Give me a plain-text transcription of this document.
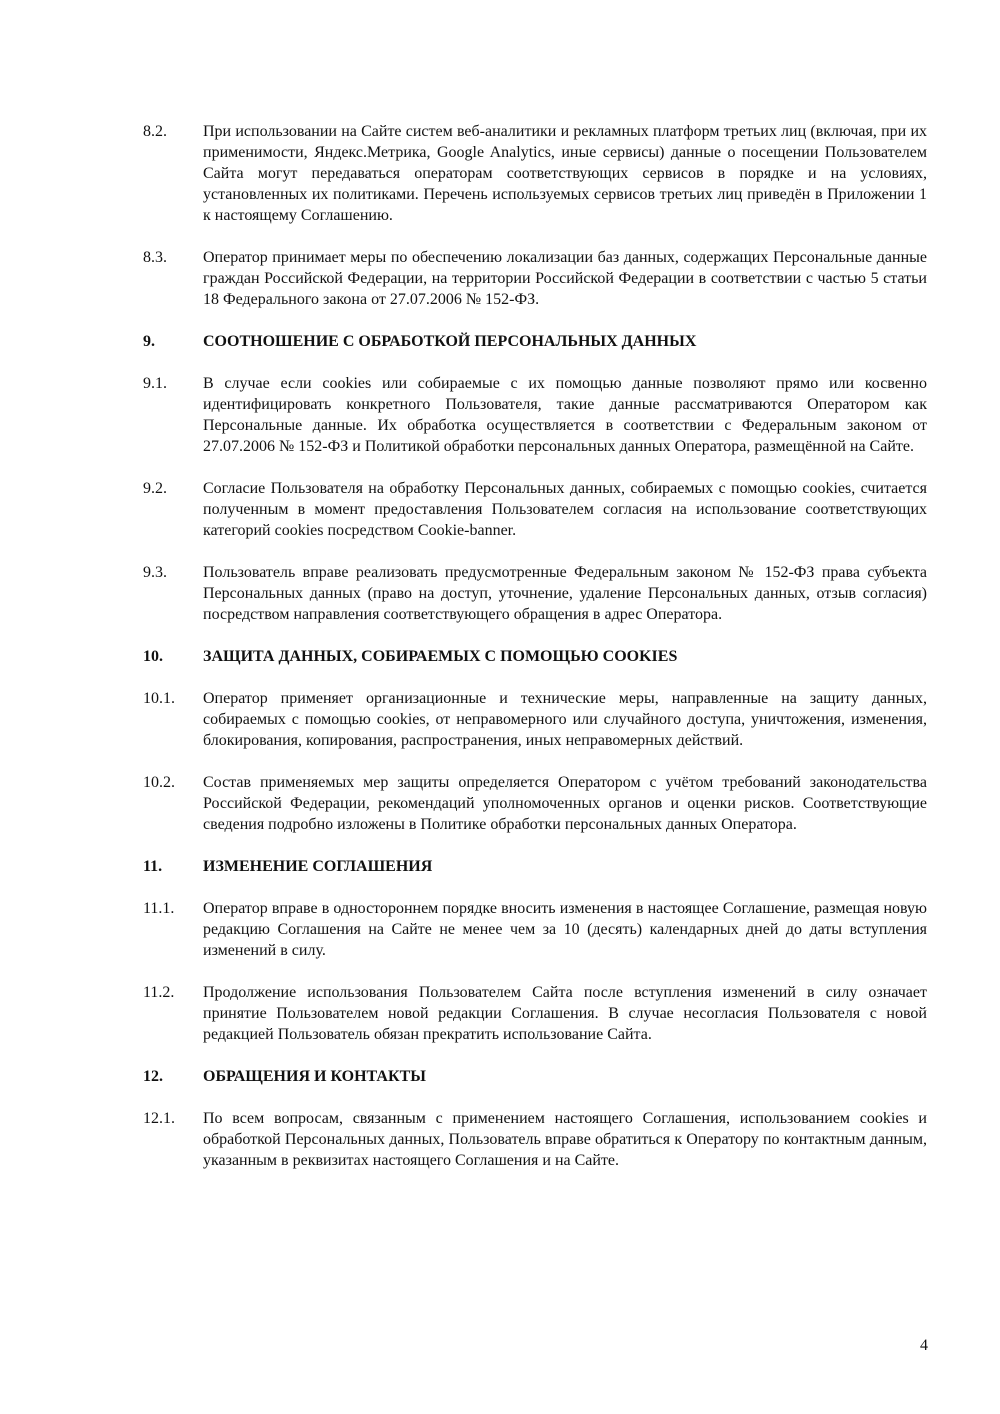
8.2.	При использовании на Сайте систем веб-аналитики и рекламных платформ третьих лиц (включая, при их применимости, Яндекс.Метрика, Google Analytics, иные сервисы) данные о посещении Пользователем Сайта могут передаваться операторам соответствующих сервисов в порядке и на условиях, установленных их политиками. Перечень используемых сервисов третьих лиц приведён в Приложении 1 к настоящему Соглашению.
8.3.	Оператор принимает меры по обеспечению локализации баз данных, содержащих Персональные данные граждан Российской Федерации, на территории Российской Федерации в соответствии с частью 5 статьи 18 Федерального закона от 27.07.2006 № 152-ФЗ.
9.	СООТНОШЕНИЕ С ОБРАБОТКОЙ ПЕРСОНАЛЬНЫХ ДАННЫХ
9.1.	В случае если cookies или собираемые с их помощью данные позволяют прямо или косвенно идентифицировать конкретного Пользователя, такие данные рассматриваются Оператором как Персональные данные. Их обработка осуществляется в соответствии с Федеральным законом от 27.07.2006 № 152-ФЗ и Политикой обработки персональных данных Оператора, размещённой на Сайте.
9.2.	Согласие Пользователя на обработку Персональных данных, собираемых с помощью cookies, считается полученным в момент предоставления Пользователем согласия на использование соответствующих категорий cookies посредством Cookie-banner.
9.3.	Пользователь вправе реализовать предусмотренные Федеральным законом № 152-ФЗ права субъекта Персональных данных (право на доступ, уточнение, удаление Персональных данных, отзыв согласия) посредством направления соответствующего обращения в адрес Оператора.
10.	ЗАЩИТА ДАННЫХ, СОБИРАЕМЫХ С ПОМОЩЬЮ COOKIES
10.1.	Оператор применяет организационные и технические меры, направленные на защиту данных, собираемых с помощью cookies, от неправомерного или случайного доступа, уничтожения, изменения, блокирования, копирования, распространения, иных неправомерных действий.
10.2.	Состав применяемых мер защиты определяется Оператором с учётом требований законодательства Российской Федерации, рекомендаций уполномоченных органов и оценки рисков. Соответствующие сведения подробно изложены в Политике обработки персональных данных Оператора.
11.	ИЗМЕНЕНИЕ СОГЛАШЕНИЯ
11.1.	Оператор вправе в одностороннем порядке вносить изменения в настоящее Соглашение, размещая новую редакцию Соглашения на Сайте не менее чем за 10 (десять) календарных дней до даты вступления изменений в силу.
11.2.	Продолжение использования Пользователем Сайта после вступления изменений в силу означает принятие Пользователем новой редакции Соглашения. В случае несогласия Пользователя с новой редакцией Пользователь обязан прекратить использование Сайта.
12.	ОБРАЩЕНИЯ И КОНТАКТЫ
12.1.	По всем вопросам, связанным с применением настоящего Соглашения, использованием cookies и обработкой Персональных данных, Пользователь вправе обратиться к Оператору по контактным данным, указанным в реквизитах настоящего Соглашения и на Сайте.
4
